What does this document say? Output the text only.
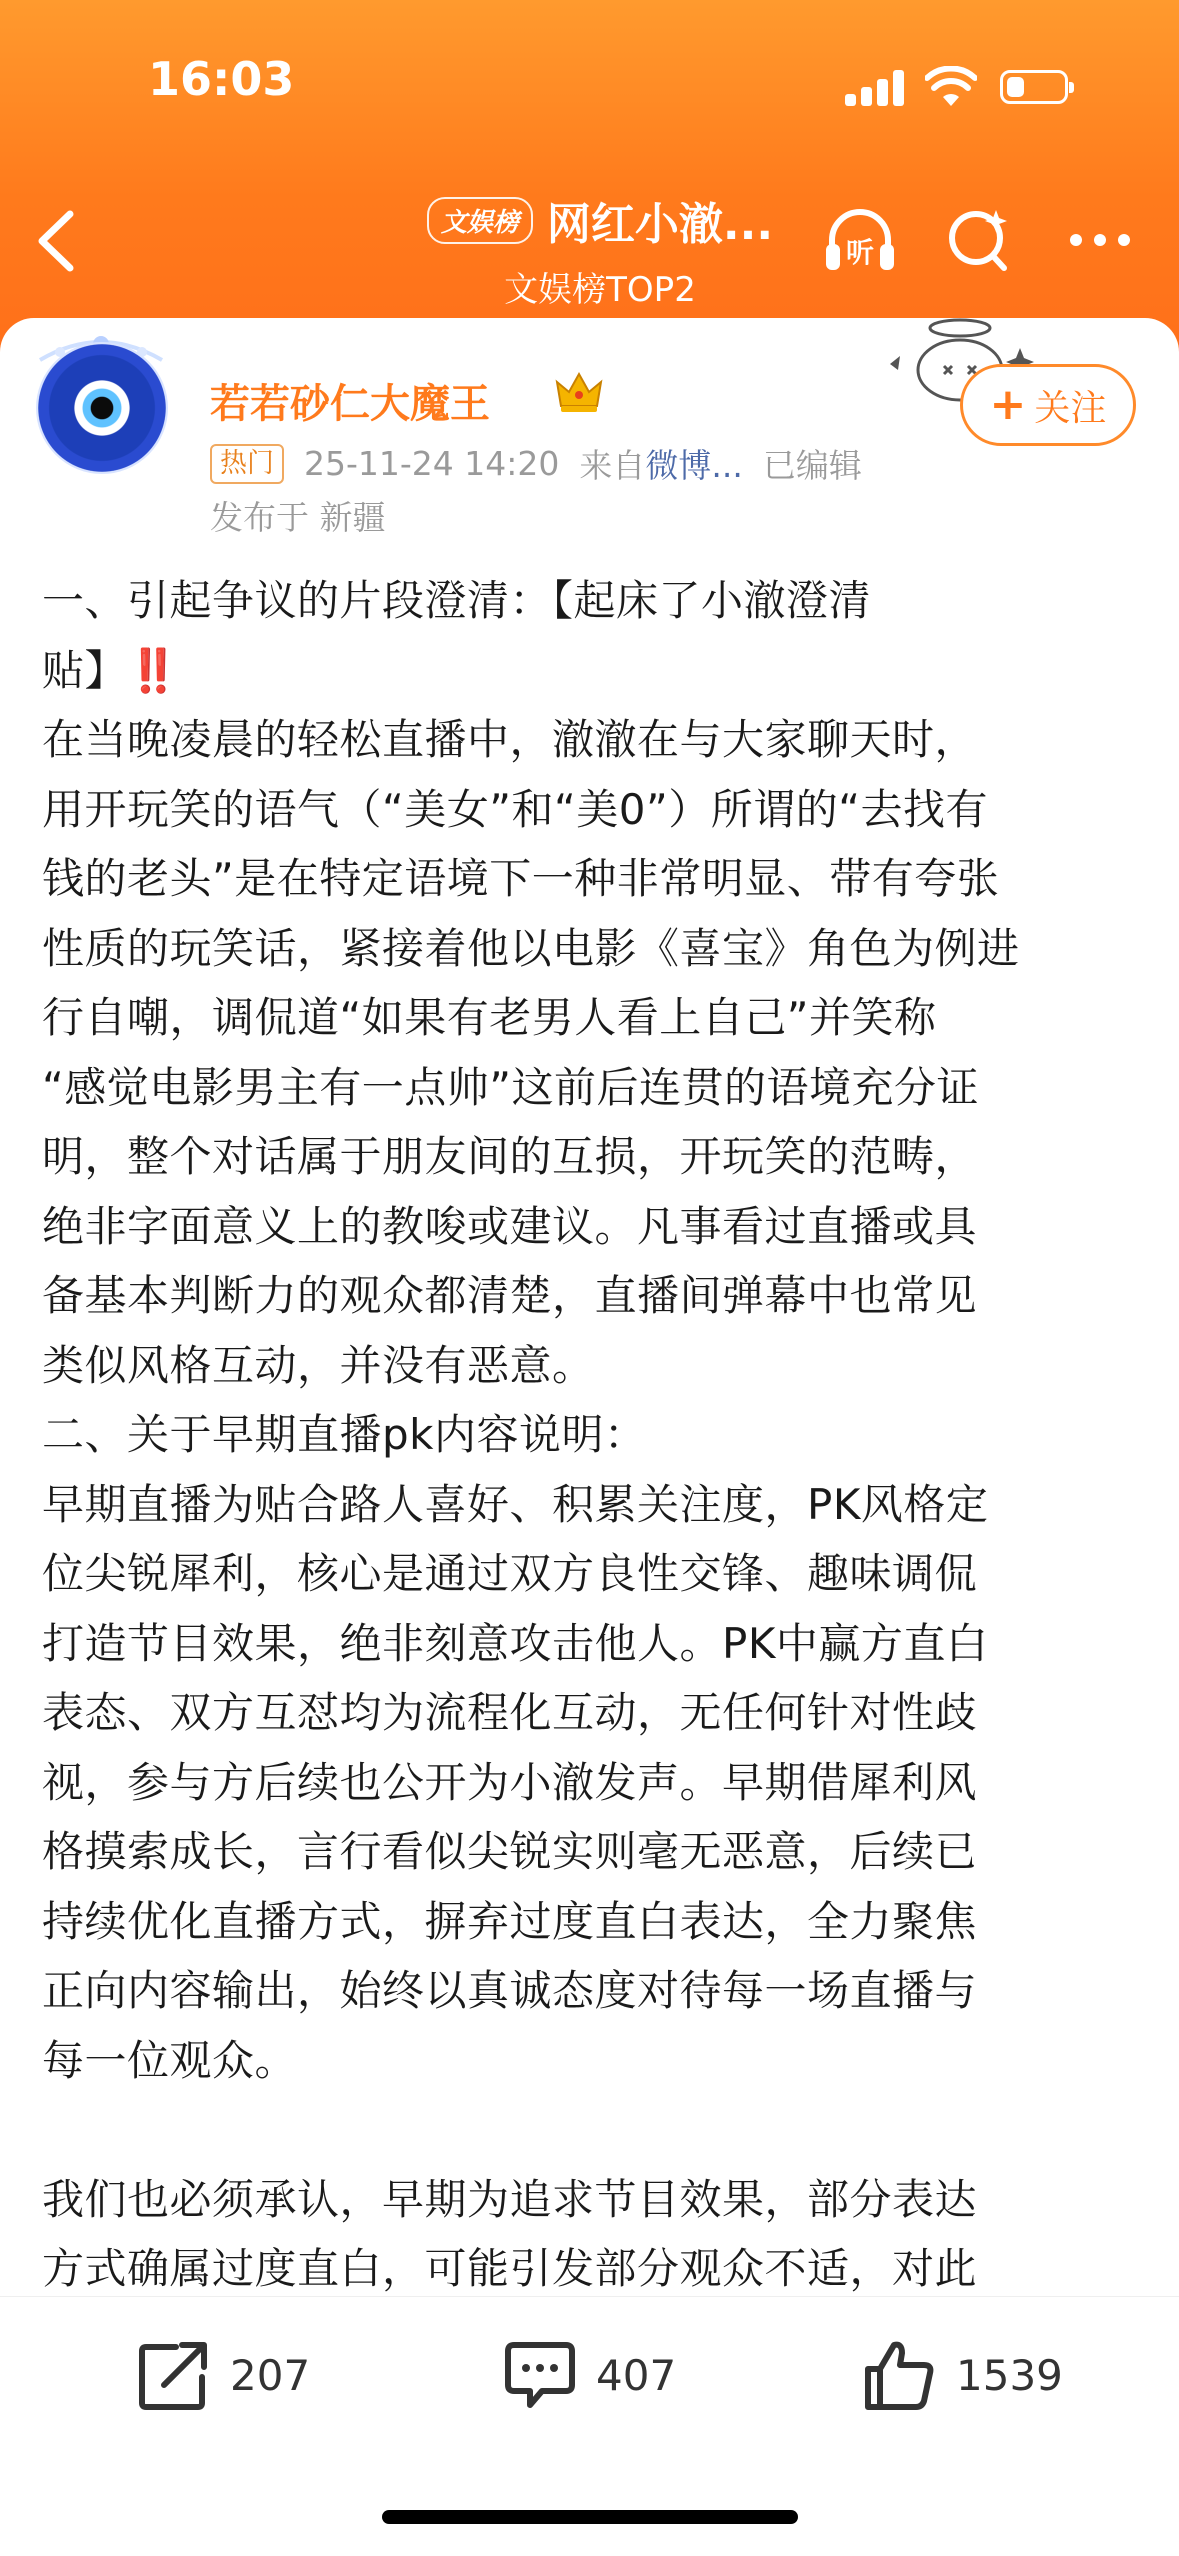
16:03
文娱榜 网红小澈...
文娱榜TOP2
听
若若砂仁大魔王
热门 25-11-24 14:20 来自微博... 已编辑
发布于 新疆
+ 关注

一、引起争议的片段澄清：【起床了小澈澄清

贴】‼️

在当晚凌晨的轻松直播中，澈澈在与大家聊天时，

用开玩笑的语气（“美女”和“美0”）所谓的“去找有

钱的老头”是在特定语境下一种非常明显、带有夸张

性质的玩笑话，紧接着他以电影《喜宝》角色为例进

行自嘲，调侃道“如果有老男人看上自己”并笑称

“感觉电影男主有一点帅”这前后连贯的语境充分证

明，整个对话属于朋友间的互损，开玩笑的范畴，

绝非字面意义上的教唆或建议。凡事看过直播或具

备基本判断力的观众都清楚，直播间弹幕中也常见

类似风格互动，并没有恶意。

二、关于早期直播pk内容说明：

早期直播为贴合路人喜好、积累关注度，PK风格定

位尖锐犀利，核心是通过双方良性交锋、趣味调侃

打造节目效果，绝非刻意攻击他人。PK中赢方直白

表态、双方互怼均为流程化互动，无任何针对性歧

视，参与方后续也公开为小澈发声。早期借犀利风

格摸索成长，言行看似尖锐实则毫无恶意，后续已

持续优化直播方式，摒弃过度直白表达，全力聚焦

正向内容输出，始终以真诚态度对待每一场直播与

每一位观众。

我们也必须承认，早期为追求节目效果，部分表达

方式确属过度直白，可能引发部分观众不适，对此

207	407	1539
